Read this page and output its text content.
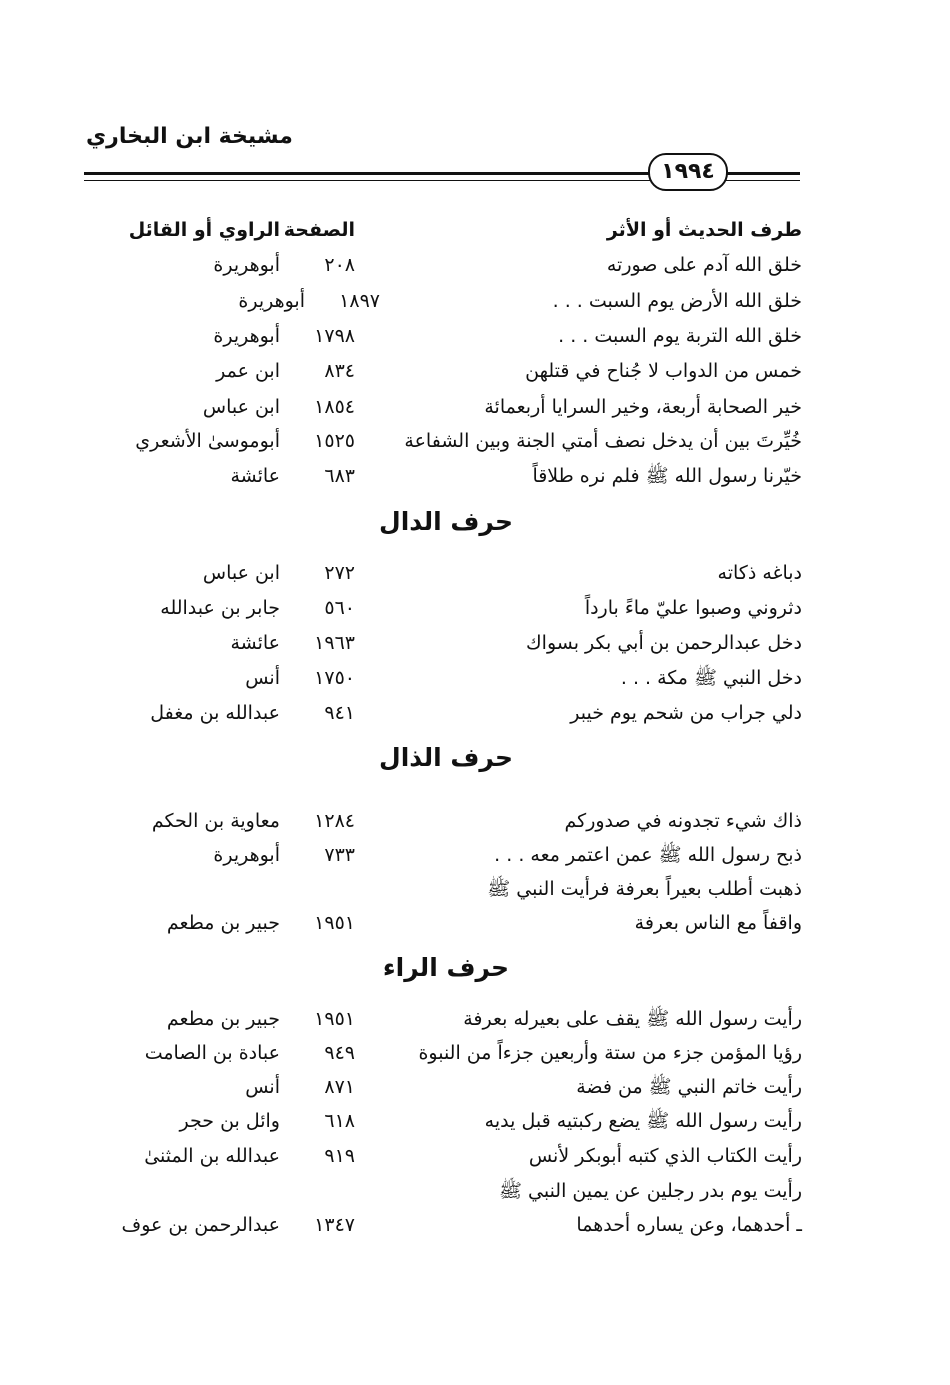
مشيخة ابن البخاري
١٩٩٤
طرف الحديث أو الأثر
الصفحة
الراوي أو القائل
خلق الله آدم على صورته
٢٠٨
أبوهريرة
خلق الله الأرض يوم السبت . . .
١٨٩٧
أبوهريرة
خلق الله التربة يوم السبت . . .
١٧٩٨
أبوهريرة
خمس من الدواب لا جُناح في قتلهن
٨٣٤
ابن عمر
خير الصحابة أربعة، وخير السرايا أربعمائة
١٨٥٤
ابن عباس
خُيِّرتَ بين أن يدخل نصف أمتي الجنة وبين الشفاعة
١٥٢٥
أبوموسىٰ الأشعري
خيّرنا رسول الله ﷺ فلم نره طلاقاً
٦٨٣
عائشة
حرف الدال
دباغه ذكاته
٢٧٢
ابن عباس
دثروني وصبوا عليّ ماءً بارداً
٥٦٠
جابر بن عبدالله
دخل عبدالرحمن بن أبي بكر بسواك
١٩٦٣
عائشة
دخل النبي ﷺ مكة . . .
١٧٥٠
أنس
دلي جراب من شحم يوم خيبر
٩٤١
عبدالله بن مغفل
حرف الذال
ذاك شيء تجدونه في صدوركم
١٢٨٤
معاوية بن الحكم
ذبح رسول الله ﷺ عمن اعتمر معه . . .
٧٣٣
أبوهريرة
ذهبت أطلب بعيراً بعرفة فرأيت النبي ﷺ
واقفاً مع الناس بعرفة
١٩٥١
جبير بن مطعم
حرف الراء
رأيت رسول الله ﷺ يقف على بعيرله بعرفة
١٩٥١
جبير بن مطعم
رؤيا المؤمن جزء من ستة وأربعين جزءاً من النبوة
٩٤٩
عبادة بن الصامت
رأيت خاتم النبي ﷺ من فضة
٨٧١
أنس
رأيت رسول الله ﷺ يضع ركبتيه قبل يديه
٦١٨
وائل بن حجر
رأيت الكتاب الذي كتبه أبوبكر لأنس
٩١٩
عبدالله بن المثنىٰ
رأيت يوم بدر رجلين عن يمين النبي ﷺ
ـ أحدهما، وعن يساره أحدهما
١٣٤٧
عبدالرحمن بن عوف
